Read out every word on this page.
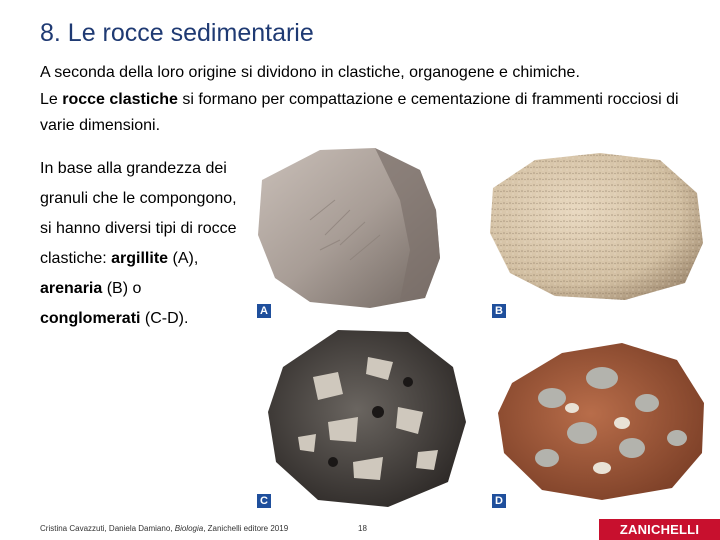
8. Le rocce sedimentarie

A seconda della loro origine si dividono in clastiche, organogene e chimiche.

Le rocce clastiche si formano per compattazione e cementazione di frammenti rocciosi di varie dimensioni.

In base alla grandezza dei granuli che le compongono, si hanno diversi tipi di rocce clastiche: argillite (A), arenaria (B) o conglomerati (C-D).	A	B
C	D
Cristina Cavazzuti, Daniela Damiano, Biologia, Zanichelli editore 2019	18	ZANICHELLI
